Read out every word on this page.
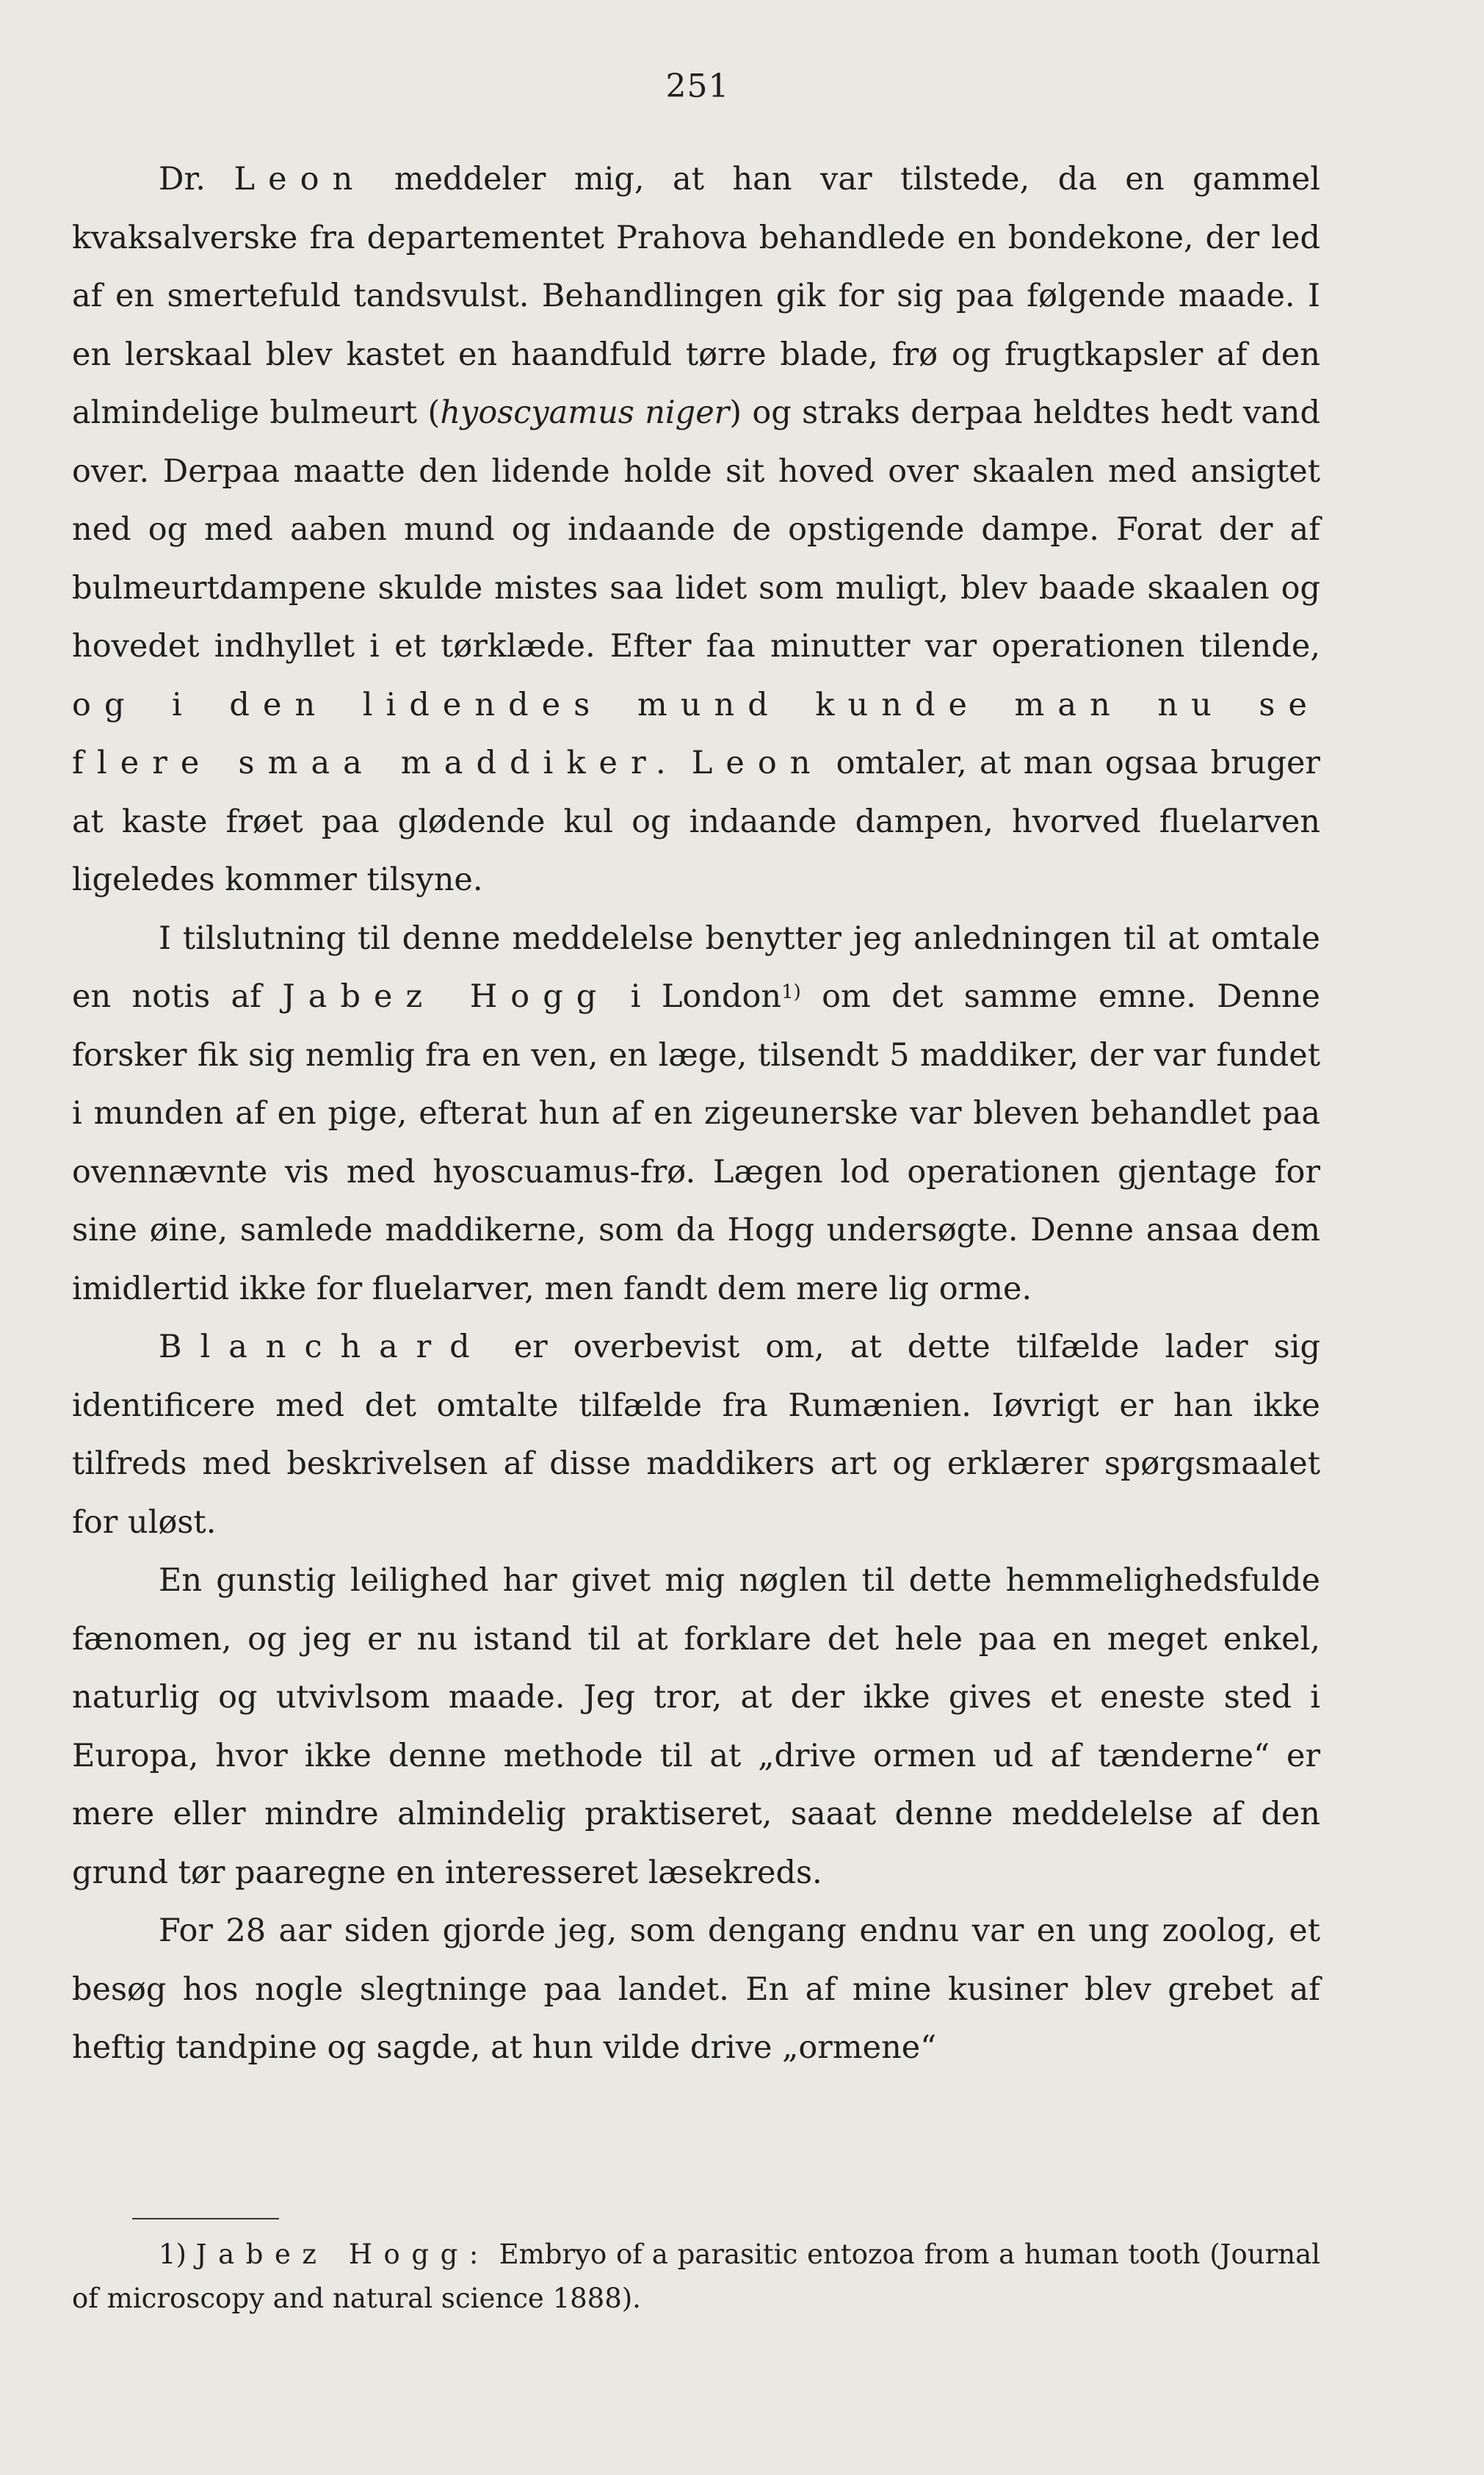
251

Dr. Leon meddeler mig, at han var tilstede, da en gammel kvaksalverske fra departementet Prahova behandlede en bondekone, der led af en smertefuld tandsvulst. Behandlingen gik for sig paa følgende maade. I en lerskaal blev kastet en haandfuld tørre blade, frø og frugtkapsler af den almindelige bulmeurt (hyoscyamus niger) og straks derpaa heldtes hedt vand over. Derpaa maatte den lidende holde sit hoved over skaalen med ansigtet ned og med aaben mund og indaande de opstigende dampe. Forat der af bulmeurtdampene skulde mistes saa lidet som muligt, blev baade skaalen og hovedet indhyllet i et tørklæde. Efter faa minutter var operationen tilende, og i den lidendes mund kunde man nu se flere smaa maddiker. Leon omtaler, at man ogsaa bruger at kaste frøet paa glødende kul og indaande dampen, hvorved fluelarven ligeledes kommer tilsyne.

I tilslutning til denne meddelelse benytter jeg anledningen til at omtale en notis af Jabez Hogg i London$^{1)}$ om det samme emne. Denne forsker fik sig nemlig fra en ven, en læge, tilsendt 5 maddiker, der var fundet i munden af en pige, efterat hun af en zigeunerske var bleven behandlet paa ovennævnte vis med hyoscuamus-frø. Lægen lod operationen gjentage for sine øine, samlede maddikerne, som da Hogg undersøgte. Denne ansaa dem imidlertid ikke for fluelarver, men fandt dem mere lig orme.

Blanchard er overbevist om, at dette tilfælde lader sig identificere med det omtalte tilfælde fra Rumænien. Iøvrigt er han ikke tilfreds med beskrivelsen af disse maddikers art og erklærer spørgsmaalet for uløst.

En gunstig leilighed har givet mig nøglen til dette hemmelighedsfulde fænomen, og jeg er nu istand til at forklare det hele paa en meget enkel, naturlig og utvivlsom maade. Jeg tror, at der ikke gives et eneste sted i Europa, hvor ikke denne methode til at „drive ormen ud af tænderne“ er mere eller mindre almindelig praktiseret, saaat denne meddelelse af den grund tør paaregne en interesseret læsekreds.

For 28 aar siden gjorde jeg, som dengang endnu var en ung zoolog, et besøg hos nogle slegtninge paa landet. En af mine kusiner blev grebet af heftig tandpine og sagde, at hun vilde drive „ormene“

1) Jabez Hogg: Embryo of a parasitic entozoa from a human tooth (Journal of microscopy and natural science 1888).
